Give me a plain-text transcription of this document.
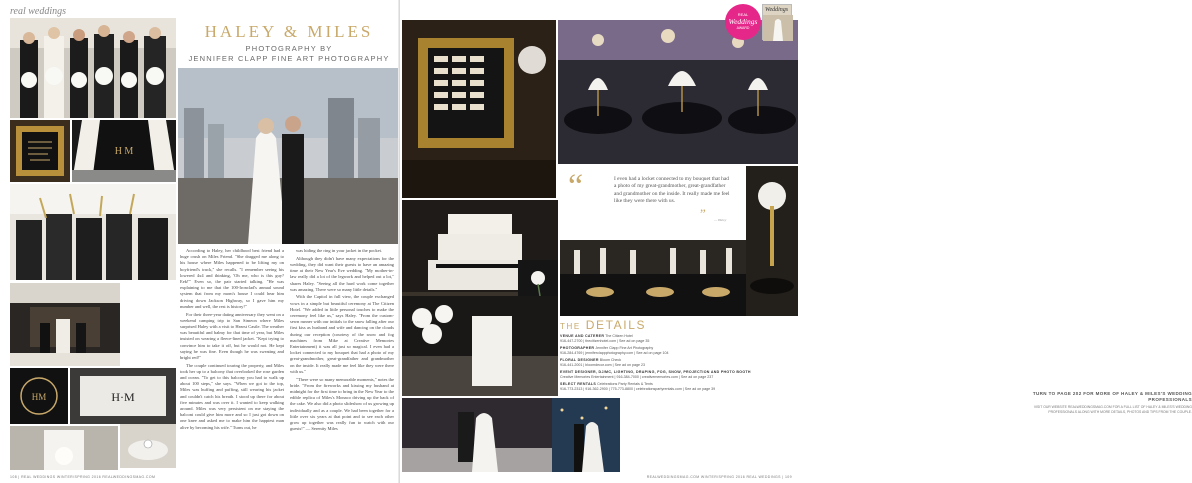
real weddings
H M
HM	H·M
HALEY & MILES
PHOTOGRAPHY BY
JENNIFER CLAPP FINE ART PHOTOGRAPHY

According to Haley, her childhood best friend had a huge crush on Miles Friend. "She dragged me along to his house where Miles happened to be lifting my on boyfriend's truck," she recalls. "I remember seeing his lowered 4x4 and thinking, 'Oh me, who is this guy? Eek!'" Even so, the pair started talking. "He was explaining to me that the 100-Ironclad's annual sound system that from my mom's house I could hear him driving down Jackson Highway, so I gave him my number and well, the rest is history!"

For their three-year dating anniversary they went on a weekend camping trip to San Simeon where Miles surprised Haley with a visit to Hearst Castle. The weather was beautiful and balmy for that time of year, but Miles insisted on wearing a fleece-lined jacket. "Kept trying to convince him to take it off, but he would not. He kept saying he was fine. Even though he was sweating and bright red!"

The couple continued touring the property, and Miles took her up to a balcony that overlooked the rose garden and ocean. "To get to this balcony you had to walk up about 100 steps," she says. "When we got to the top, Miles was huffing and puffing, still wearing his jacket and couldn't catch his breath. I stood up there for about five minutes and was over it. I wanted to keep walking around. Miles was very persistent on me staying the balconi could give him more and so I just got down on one knee and asked me to make him the happiest man alive by becoming his wife." Turns out, he

was hiding the ring in your jacket in the pocket.

Although they didn't have many expectations for the wedding, they did want their guests to have an amazing time at their New Year's Eve wedding. "My mother-in-law really did a lot of the legwork and helped out a lot," shares Haley. "Seeing all the hard work come together was amazing. There were so many little details."

With the Capitol in full view, the couple exchanged vows in a simple but beautiful ceremony at The Citizen Hotel. "We added in little personal touches to make the ceremony feel like us," says Haley. "From the custom-sewn runner with our initials to the snow falling after our first kiss as husband and wife and dancing on the clouds during our reception (courtesy of the snow and fog machines from Mike at Creative Memories Entertainment) it was all just so magical. I even had a locket connected to my bouquet that had a photo of my great-grandmother, great-grandfather and grandmother on the inside. It really made me feel like they were there with us."

"There were so many memorable moments," notes the bride. "From the fireworks and kissing my husband at midnight for the first time to bring in the New Year to the edible replica of Miles's Monaco driving up the back of the cake. We also did a photo slideshow of us growing up individually and as a couple. We had been together for a little over six years at that point and to see each other grow up together was really fun to watch with our guests!" — Serenity Miles

108 | REAL WEDDINGS WINTER/SPRING 2016 REALWEDDINGSMAG.COM
“	I even had a locket connected to my bouquet that had a photo of my great-grandmother, great-grandfather and grandmother on the inside. It really made me feel like they were there with us.
” — Haley
THE DETAILS
VENUE AND CATERER The Citizen Hotel
916-447-2700 | thecitizenhotel.com | See ad on page 35
PHOTOGRAPHER Jennifer Clapp Fine Art Photography
916-284-4769 | jenniferclappphotography.com | See ad on page 104
FLORAL DESIGNER Bloom Check
916-441-2001 | bloomdecor.com | See ad on page 23
EVENT DESIGNER, DJ/MC, LIGHTING, DRAPING, FOG, SNOW, PROJECTION AND PHOTO BOOTH
Creative Memories Entertainment | 916-384-7000 | creativememories.com | See ad on page 237
SELECT RENTALS Celebrations Party Rentals & Tents
916-773-2313 | 916-362-2900 | 775-773-8800 | celebrationspartyrentals.com | See ad on page 39
TURN TO PAGE 202 FOR MORE OF HALEY & MILES'S WEDDING PROFESSIONALS
VISIT OUR WEBSITE REALWEDDINGSMAG.COM FOR A FULL LIST OF HALEY & MILES'S WEDDING PROFESSIONALS ALONG WITH MORE DETAILS, PHOTOS AND TIPS FROM THE COUPLE.
REALWEDDINGSMAG.COM WINTER/SPRING 2016 REAL WEDDINGS | 109
REAL
Weddings
AWARD
Weddings
